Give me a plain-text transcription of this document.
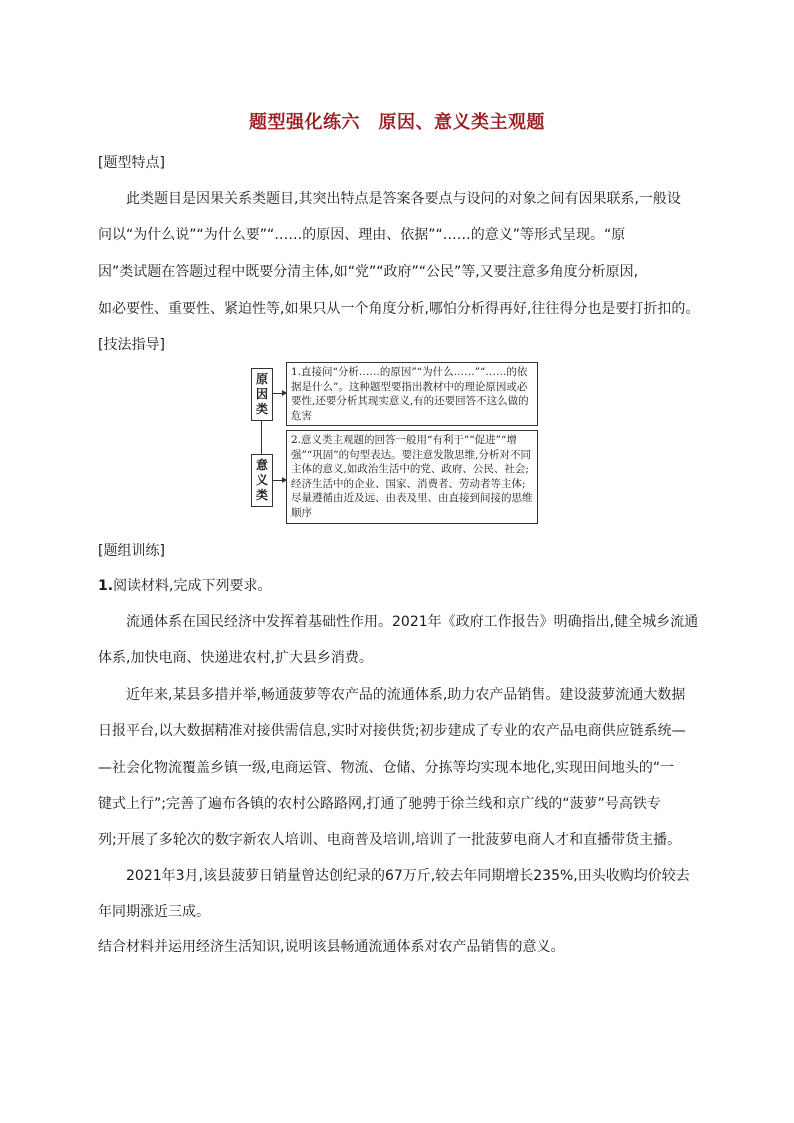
题型强化练六　原因、意义类主观题
[题型特点]
此类题目是因果关系类题目,其突出特点是答案各要点与设问的对象之间有因果联系,一般设
问以“为什么说”“为什么要”“……的原因、理由、依据”“……的意义”等形式呈现。“原
因”类试题在答题过程中既要分清主体,如“党”“政府”“公民”等,又要注意多角度分析原因,
如必要性、重要性、紧迫性等,如果只从一个角度分析,哪怕分析得再好,往往得分也是要打折扣的。
[技法指导]
原因类
1.直接问“分析……的原因”“为什么……”“……的依据是什么”。这种题型要指出教材中的理论原因或必要性,还要分析其现实意义,有的还要回答不这么做的危害
意义类
2.意义类主观题的回答一般用“有利于”“促进”“增强”“巩固”的句型表达。要注意发散思维,分析对不同主体的意义,如政治生活中的党、政府、公民、社会;经济生活中的企业、国家、消费者、劳动者等主体;尽量遵循由近及远、由表及里、由直接到间接的思维顺序
[题组训练]
1.阅读材料,完成下列要求。
流通体系在国民经济中发挥着基础性作用。2021年《政府工作报告》明确指出,健全城乡流通
体系,加快电商、快递进农村,扩大县乡消费。
近年来,某县多措并举,畅通菠萝等农产品的流通体系,助力农产品销售。建设菠萝流通大数据
日报平台,以大数据精准对接供需信息,实时对接供货;初步建成了专业的农产品电商供应链系统—
—社会化物流覆盖乡镇一级,电商运管、物流、仓储、分拣等均实现本地化,实现田间地头的“一
键式上行”;完善了遍布各镇的农村公路路网,打通了驰骋于徐兰线和京广线的“菠萝”号高铁专
列;开展了多轮次的数字新农人培训、电商普及培训,培训了一批菠萝电商人才和直播带货主播。
2021年3月,该县菠萝日销量曾达创纪录的67万斤,较去年同期增长235%,田头收购均价较去
年同期涨近三成。
结合材料并运用经济生活知识,说明该县畅通流通体系对农产品销售的意义。
